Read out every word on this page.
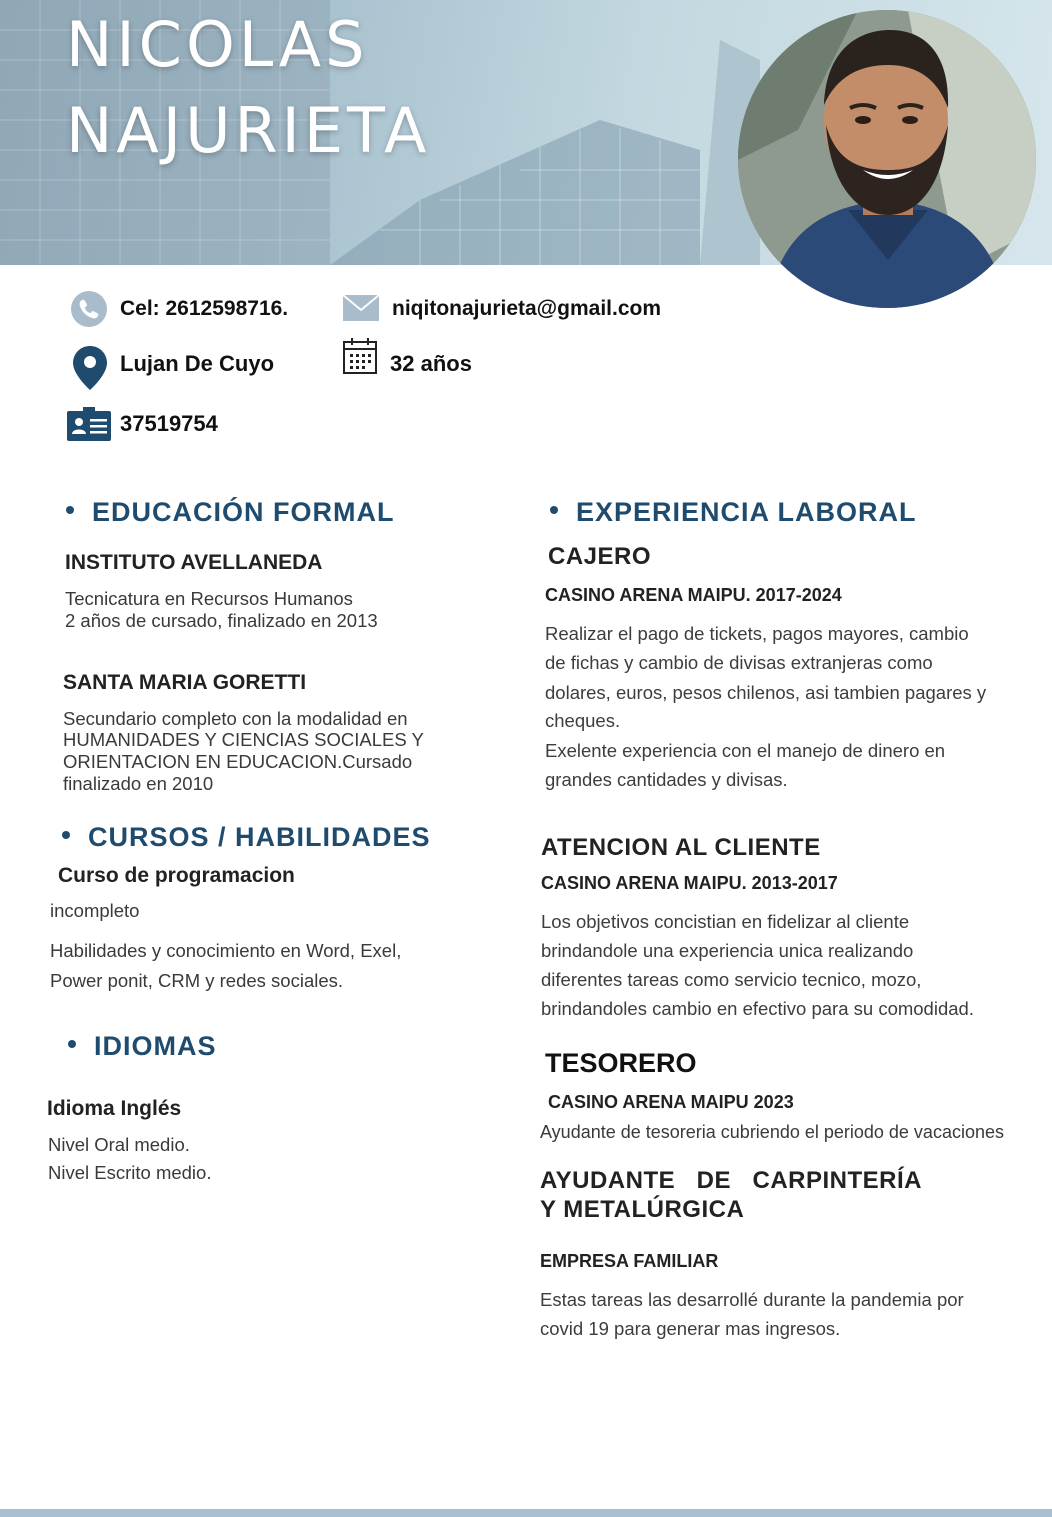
NICOLAS
NAJURIETA
Cel: 2612598716.	niqitonajurieta@gmail.com
Lujan De Cuyo	32 años
37519754
EDUCACIÓN FORMAL
INSTITUTO AVELLANEDA
Tecnicatura en Recursos Humanos
2 años de cursado, finalizado en 2013
SANTA MARIA GORETTI
Secundario completo con la modalidad en
HUMANIDADES Y CIENCIAS SOCIALES Y
ORIENTACION EN EDUCACION.Cursado
finalizado en 2010
CURSOS / HABILIDADES
Curso de programacion
incompleto
Habilidades y conocimiento en Word, Exel,
Power ponit, CRM y redes sociales.
IDIOMAS
Idioma Inglés
Nivel Oral medio.
Nivel Escrito medio.
EXPERIENCIA LABORAL
CAJERO
CASINO ARENA MAIPU. 2017-2024
Realizar el pago de tickets, pagos mayores, cambio
de fichas y cambio de divisas extranjeras como
dolares, euros, pesos chilenos, asi tambien pagares y
cheques.
Exelente experiencia con el manejo de dinero en
grandes cantidades y divisas.
ATENCION AL CLIENTE
CASINO ARENA MAIPU. 2013-2017
Los objetivos concistian en fidelizar al cliente
brindandole una experiencia unica realizando
diferentes tareas como servicio tecnico, mozo,
brindandoles cambio en efectivo para su comodidad.
TESORERO
CASINO ARENA MAIPU 2023
Ayudante de tesoreria cubriendo el periodo de vacaciones
AYUDANTE   DE   CARPINTERÍA
Y METALÚRGICA
EMPRESA FAMILIAR
Estas tareas las desarrollé durante la pandemia por
covid 19 para generar mas ingresos.
